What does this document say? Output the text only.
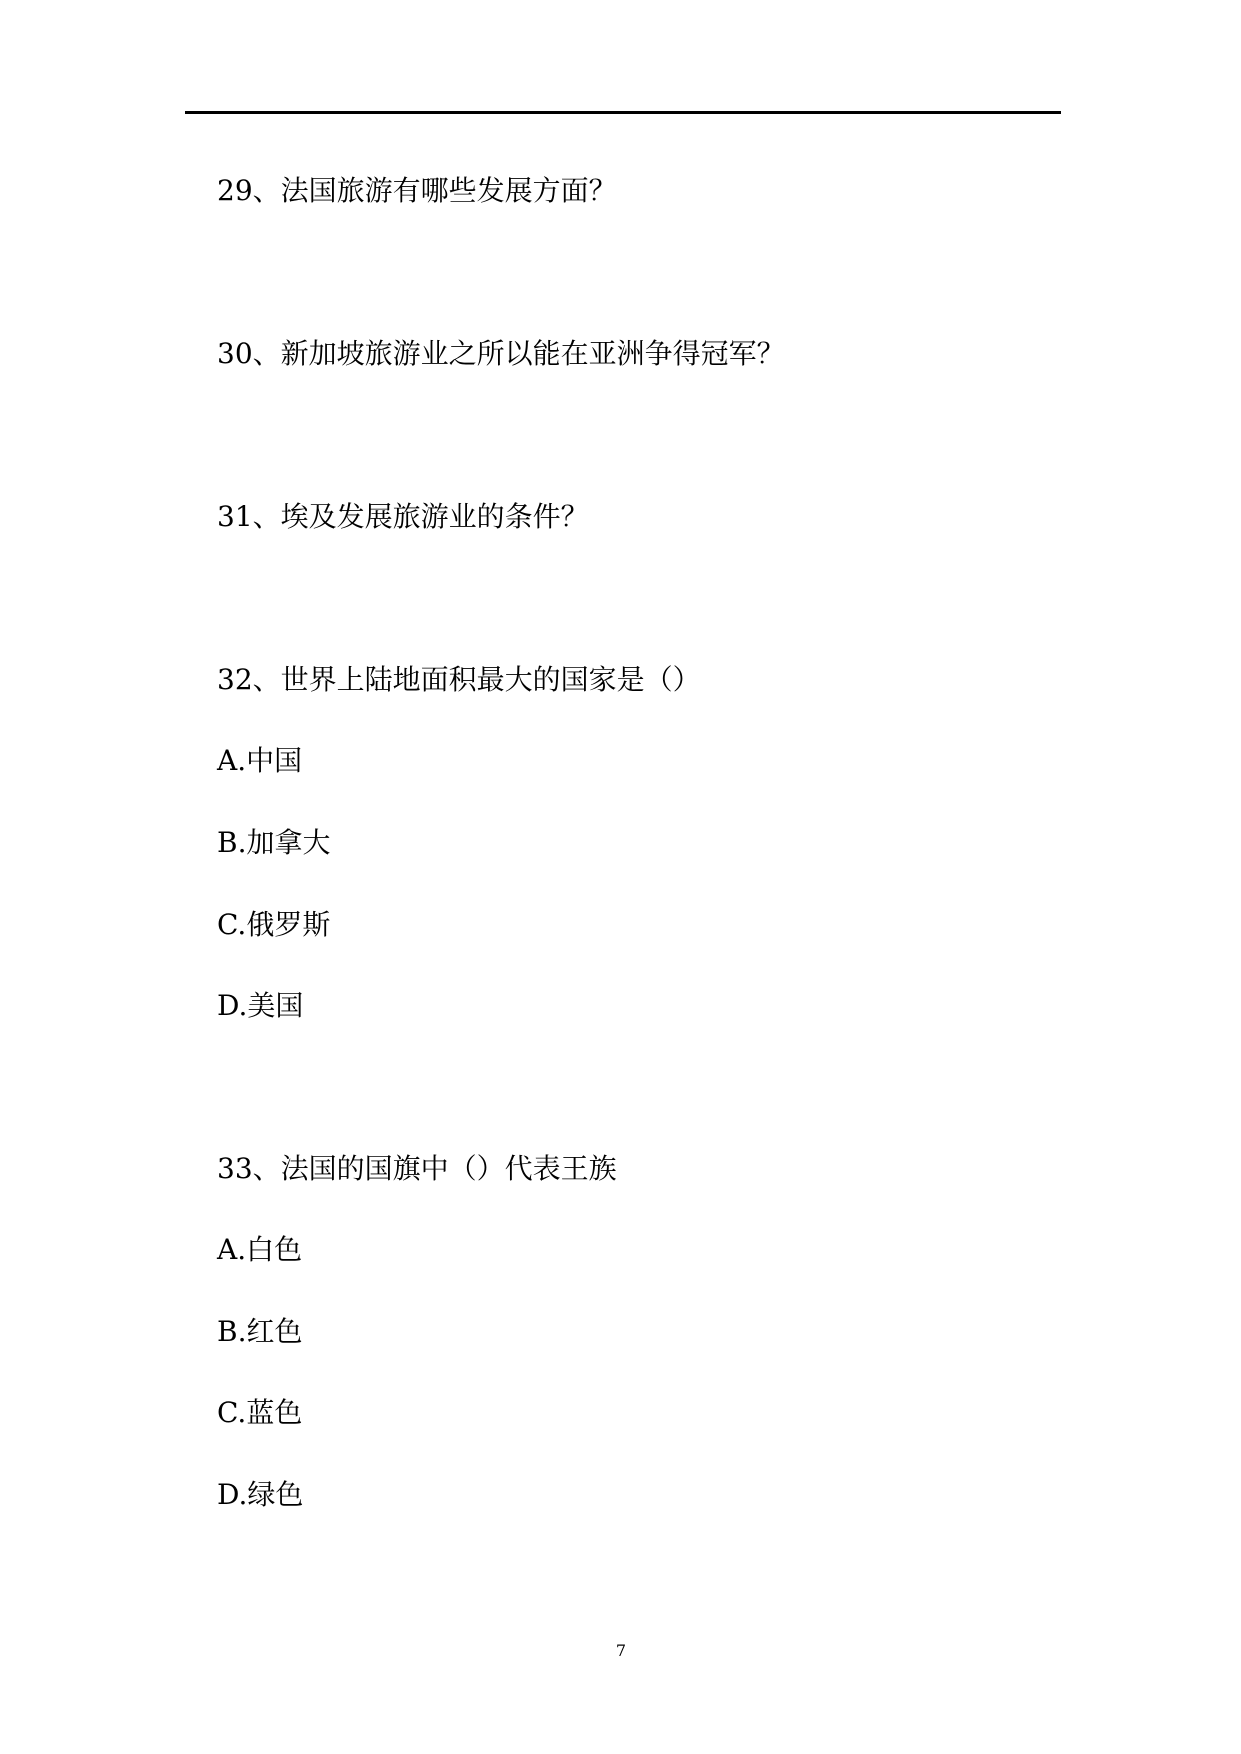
29、法国旅游有哪些发展方面？
30、新加坡旅游业之所以能在亚洲争得冠军？
31、埃及发展旅游业的条件？
32、世界上陆地面积最大的国家是（）
A.中国
B.加拿大
C.俄罗斯
D.美国
33、法国的国旗中（）代表王族
A.白色
B.红色
C.蓝色
D.绿色
7
